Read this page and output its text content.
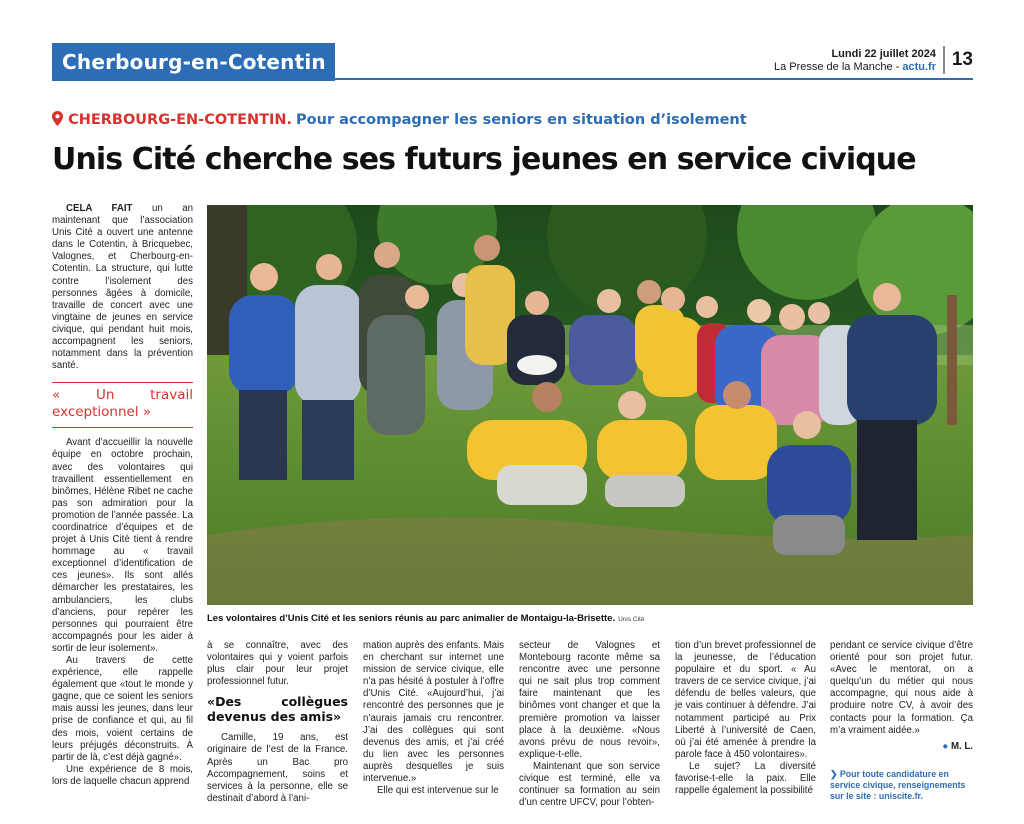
Cherbourg-en-Cotentin	Lundi 22 juillet 2024
La Presse de la Manche - actu.fr 13
CHERBOURG-EN-COTENTIN. Pour accompagner les seniors en situation d’isolement
Unis Cité cherche ses futurs jeunes en service civique

CELA FAIT un an maintenant que l’association Unis Cité a ouvert une antenne dans le Cotentin, à Bricquebec, Valognes, et Cherbourg-en-Cotentin. La structure, qui lutte contre l’isolement des personnes âgées à domicile, travaille de concert avec une vingtaine de jeunes en service civique, qui pendant huit mois, accompagnent les seniors, notamment dans la prévention santé.

« Un travail exceptionnel »

Avant d’accueillir la nouvelle équipe en octobre prochain, avec des volontaires qui travaillent essentiellement en binômes, Hélène Ribet ne cache pas son admiration pour la promotion de l’année passée. La coordinatrice d’équipes et de projet à Unis Cité tient à rendre hommage au « travail exceptionnel d’identification de ces jeunes». Ils sont allés démarcher les prestataires, les ambulanciers, les clubs d’anciens, pour repérer les personnes qui pourraient être accompagnés pour les aider à sortir de leur isolement».

Au travers de cette expérience, elle rappelle également que «tout le monde y gagne, que ce soient les seniors mais aussi les jeunes, dans leur prise de confiance et qui, au fil des mois, voient certains de leurs préjugés déconstruits. À partir de là, c’est déjà gagné».

Une expérience de 8 mois, lors de laquelle chacun apprend

Les volontaires d’Unis Cité et les seniors réunis au parc animalier de Montaigu-la-Brisette. Unis Cité

à se connaître, avec des volontaires qui y voient parfois plus clair pour leur projet professionnel futur.

«Des collègues devenus des amis»

Camille, 19 ans, est originaire de l’est de la France. Après un Bac pro Accompagnement, soins et services à la personne, elle se destinait d’abord à l’ani-

mation auprès des enfants. Mais en cherchant sur internet une mission de service civique, elle n’a pas hésité à postuler à l’offre d’Unis Cité. «Aujourd’hui, j’ai rencontré des personnes que je n’aurais jamais cru rencontrer. J’ai des collègues qui sont devenus des amis, et j’ai créé du lien avec les personnes auprès desquelles je suis intervenue.»

Elle qui est intervenue sur le

secteur de Valognes et Montebourg raconte même sa rencontre avec une personne qui ne sait plus trop comment faire maintenant que les binômes vont changer et que la première promotion va laisser place à la deuxième. «Nous avons prévu de nous revoir», explique-t-elle.

Maintenant que son service civique est terminé, elle va continuer sa formation au sein d’un centre UFCV, pour l’obten-

tion d’un brevet professionnel de la jeunesse, de l’éducation populaire et du sport. « Au travers de ce service civique, j’ai défendu de belles valeurs, que je vais continuer à défendre. J’ai notamment participé au Prix Liberté à l’université de Caen, où j’ai été amenée à prendre la parole face à 450 volontaires».

Le sujet? La diversité favorise-t-elle la paix. Elle rappelle également la possibilité

pendant ce service civique d’être orienté pour son projet futur. «Avec le mentorat, on a quelqu’un du métier qui nous accompagne, qui nous aide à produire notre CV, à avoir des contacts pour la formation. Ça m’a vraiment aidée.»

● M. L.
❯ Pour toute candidature en service civique, renseignements sur le site : uniscite.fr.
